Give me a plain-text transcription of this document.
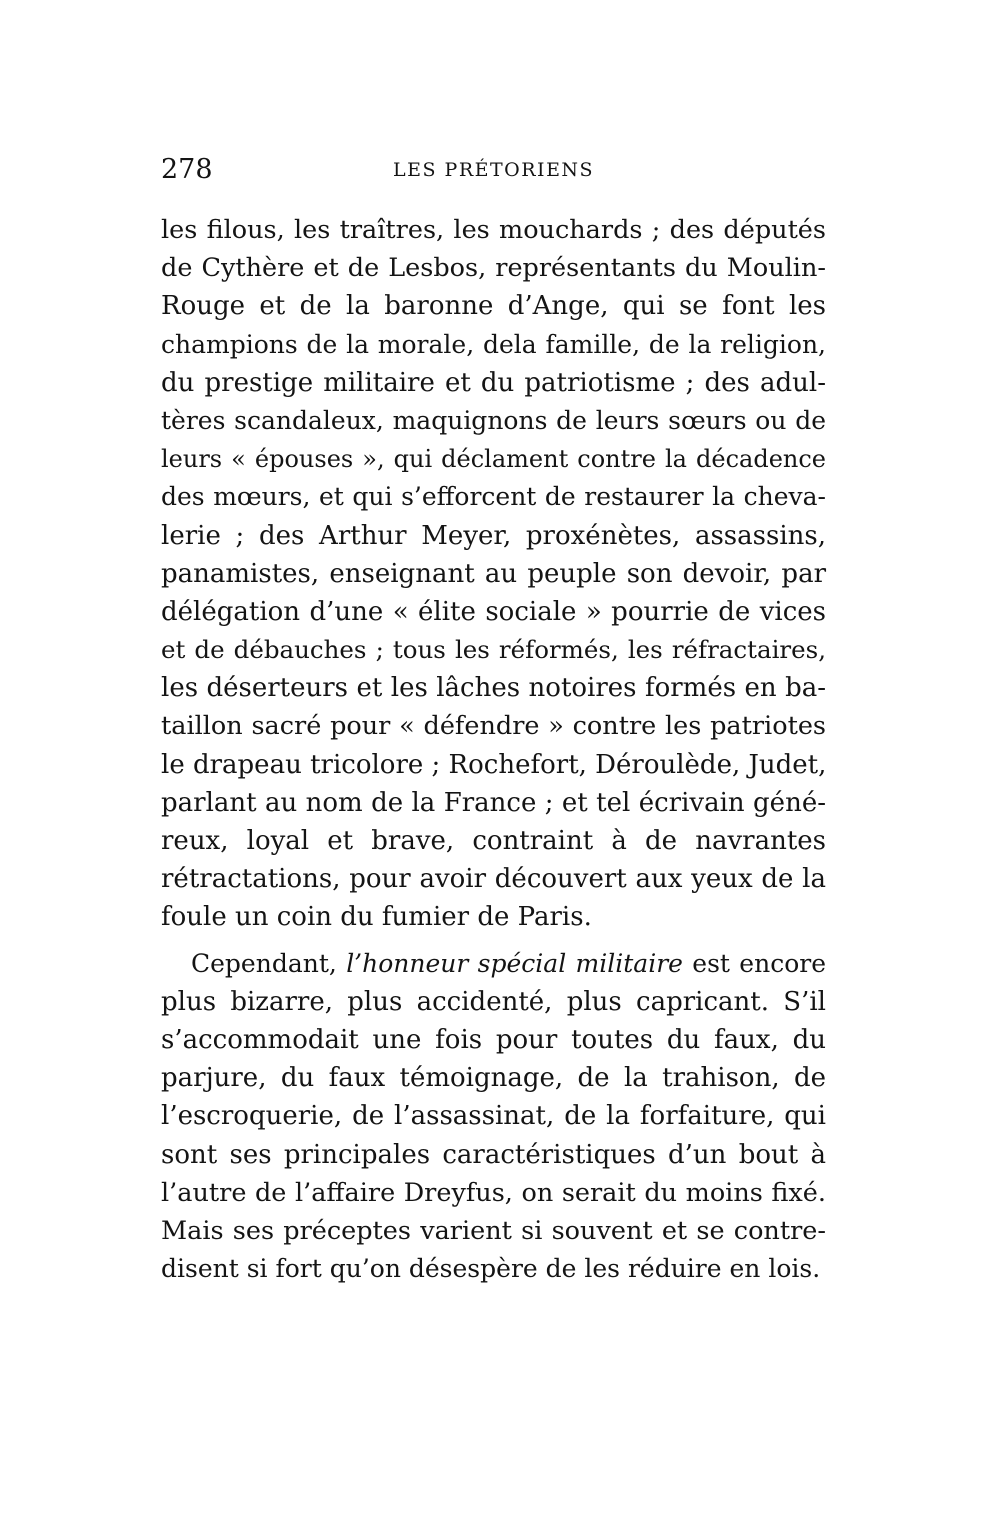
278	LES PRÉTORIENS
les filous, les traîtres, les mouchards ; des députés
de Cythère et de Lesbos, représentants du Moulin-
Rouge et de la baronne d’Ange, qui se font les
champions de la morale, dela famille, de la religion,
du prestige militaire et du patriotisme ; des adul-
tères scandaleux, maquignons de leurs sœurs ou de
leurs « épouses », qui déclament contre la décadence
des mœurs, et qui s’efforcent de restaurer la cheva-
lerie ; des Arthur Meyer, proxénètes, assassins,
panamistes, enseignant au peuple son devoir, par
délégation d’une « élite sociale » pourrie de vices
et de débauches ; tous les réformés, les réfractaires,
les déserteurs et les lâches notoires formés en ba-
taillon sacré pour « défendre » contre les patriotes
le drapeau tricolore ; Rochefort, Déroulède, Judet,
parlant au nom de la France ; et tel écrivain géné-
reux, loyal et brave, contraint à de navrantes
rétractations, pour avoir découvert aux yeux de la
foule un coin du fumier de Paris.
Cependant, l’honneur spécial militaire est encore
plus bizarre, plus accidenté, plus capricant. S’il
s’accommodait une fois pour toutes du faux, du
parjure, du faux témoignage, de la trahison, de
l’escroquerie, de l’assassinat, de la forfaiture, qui
sont ses principales caractéristiques d’un bout à
l’autre de l’affaire Dreyfus, on serait du moins fixé.
Mais ses préceptes varient si souvent et se contre-
disent si fort qu’on désespère de les réduire en lois.
